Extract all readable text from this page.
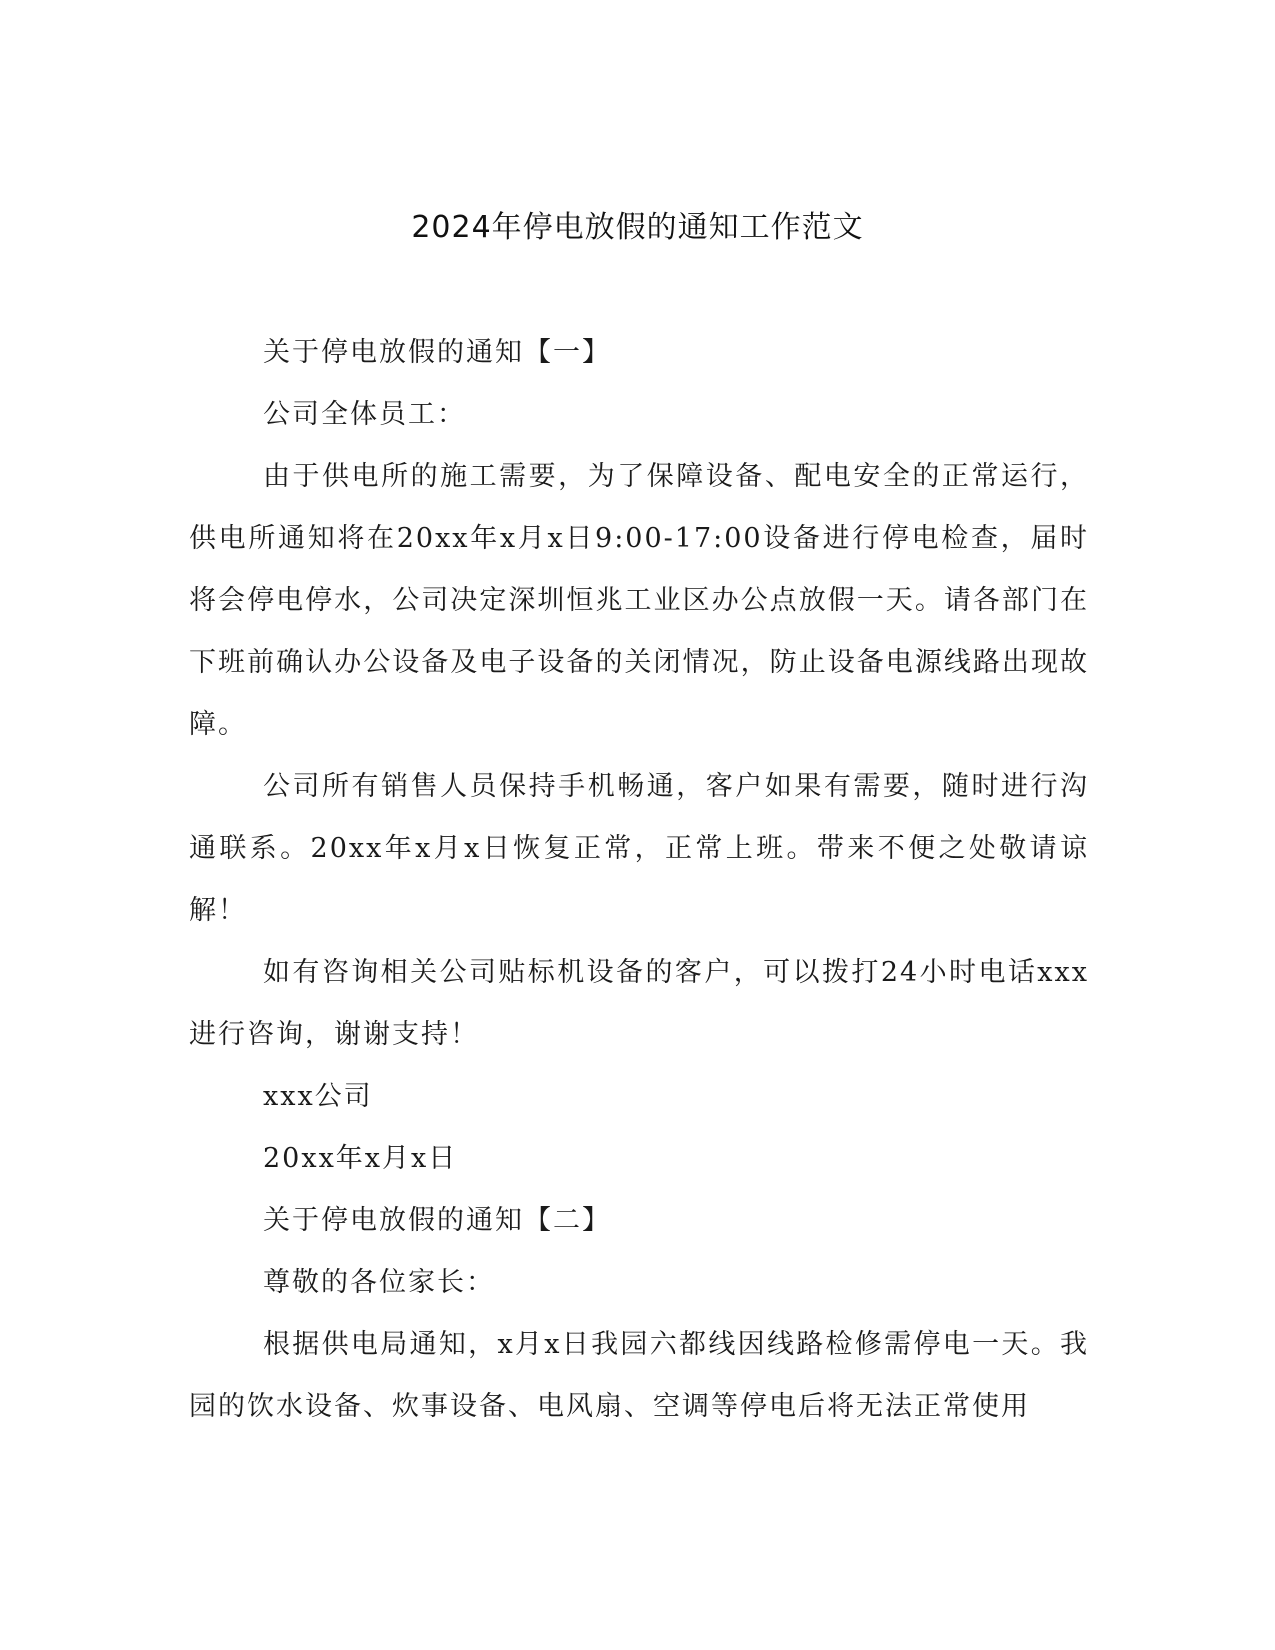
2024年停电放假的通知工作范文

关于停电放假的通知【一】

公司全体员工：

由于供电所的施工需要，为了保障设备、配电安全的正常运行，供电所通知将在20xx年x月x日9:00-17:00设备进行停电检查，届时将会停电停水，公司决定深圳恒兆工业区办公点放假一天。请各部门在下班前确认办公设备及电子设备的关闭情况，防止设备电源线路出现故障。

公司所有销售人员保持手机畅通，客户如果有需要，随时进行沟通联系。20xx年x月x日恢复正常，正常上班。带来不便之处敬请谅解！

如有咨询相关公司贴标机设备的客户，可以拨打24小时电话xxx进行咨询，谢谢支持！

xxx公司

20xx年x月x日

关于停电放假的通知【二】

尊敬的各位家长：

根据供电局通知，x月x日我园六都线因线路检修需停电一天。我园的饮水设备、炊事设备、电风扇、空调等停电后将无法正常使用
